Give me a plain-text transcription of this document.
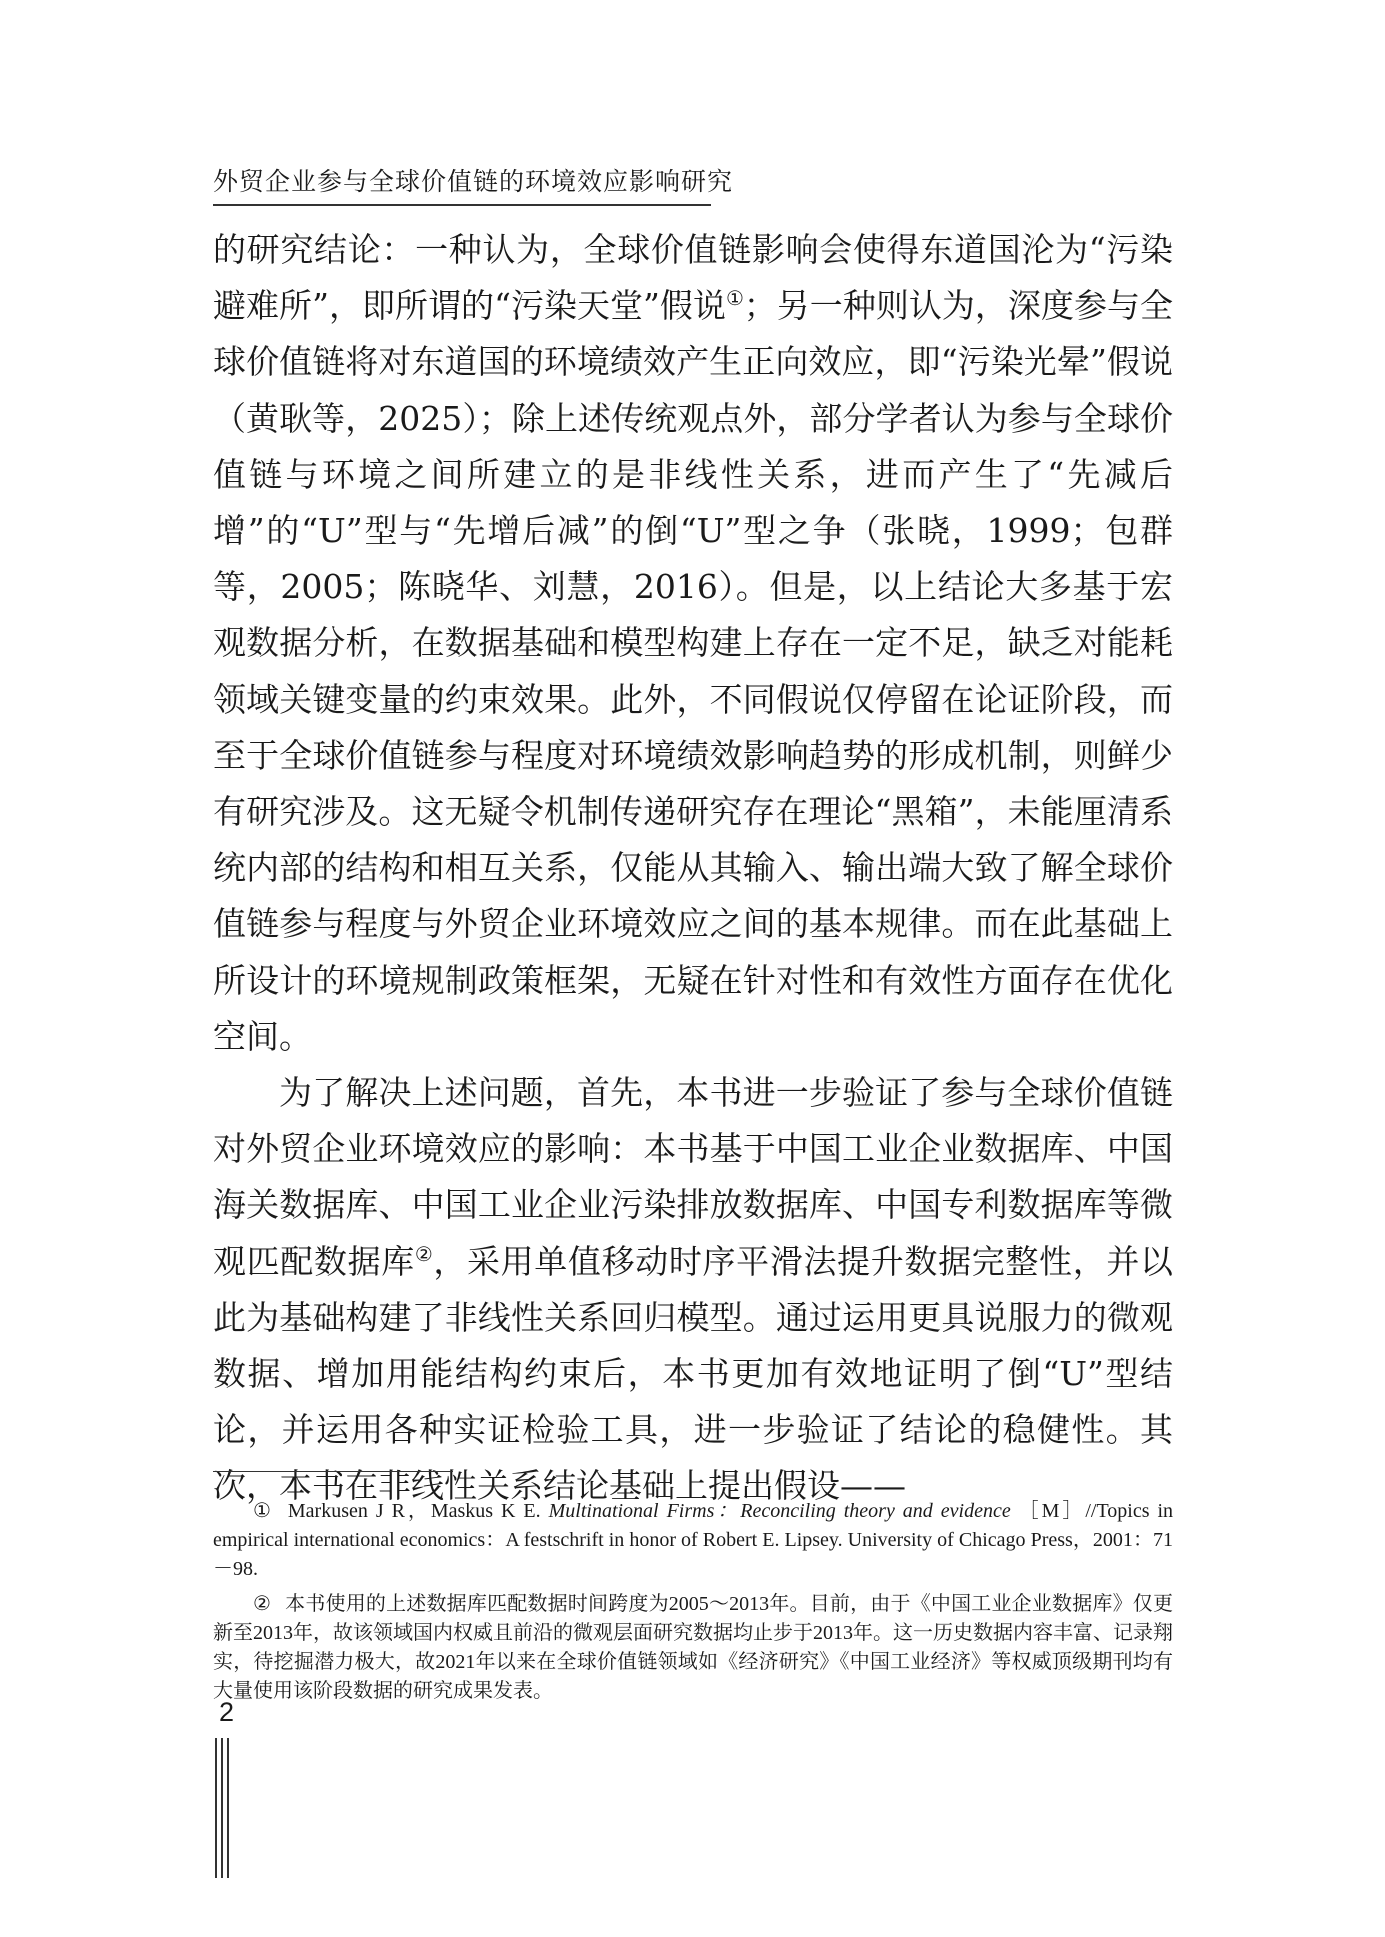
外贸企业参与全球价值链的环境效应影响研究

的研究结论：一种认为，全球价值链影响会使得东道国沦为“污染避难所”，即所谓的“污染天堂”假说①；另一种则认为，深度参与全球价值链将对东道国的环境绩效产生正向效应，即“污染光晕”假说（黄耿等，2025）；除上述传统观点外，部分学者认为参与全球价值链与环境之间所建立的是非线性关系，进而产生了“先减后增”的“U”型与“先增后减”的倒“U”型之争（张晓，1999；包群等，2005；陈晓华、刘慧，2016）。但是，以上结论大多基于宏观数据分析，在数据基础和模型构建上存在一定不足，缺乏对能耗领域关键变量的约束效果。此外，不同假说仅停留在论证阶段，而至于全球价值链参与程度对环境绩效影响趋势的形成机制，则鲜少有研究涉及。这无疑令机制传递研究存在理论“黑箱”，未能厘清系统内部的结构和相互关系，仅能从其输入、输出端大致了解全球价值链参与程度与外贸企业环境效应之间的基本规律。而在此基础上所设计的环境规制政策框架，无疑在针对性和有效性方面存在优化空间。

为了解决上述问题，首先，本书进一步验证了参与全球价值链对外贸企业环境效应的影响：本书基于中国工业企业数据库、中国海关数据库、中国工业企业污染排放数据库、中国专利数据库等微观匹配数据库②，采用单值移动时序平滑法提升数据完整性，并以此为基础构建了非线性关系回归模型。通过运用更具说服力的微观数据、增加用能结构约束后，本书更加有效地证明了倒“U”型结论，并运用各种实证检验工具，进一步验证了结论的稳健性。其次，本书在非线性关系结论基础上提出假设——

① Markusen J R，Maskus K E. Multinational Firms：Reconciling theory and evidence ［M］//Topics in empirical international economics：A festschrift in honor of Robert E. Lipsey. University of Chicago Press，2001：71－98.

② 本书使用的上述数据库匹配数据时间跨度为2005～2013年。目前，由于《中国工业企业数据库》仅更新至2013年，故该领域国内权威且前沿的微观层面研究数据均止步于2013年。这一历史数据内容丰富、记录翔实，待挖掘潜力极大，故2021年以来在全球价值链领域如《经济研究》《中国工业经济》等权威顶级期刊均有大量使用该阶段数据的研究成果发表。

2
